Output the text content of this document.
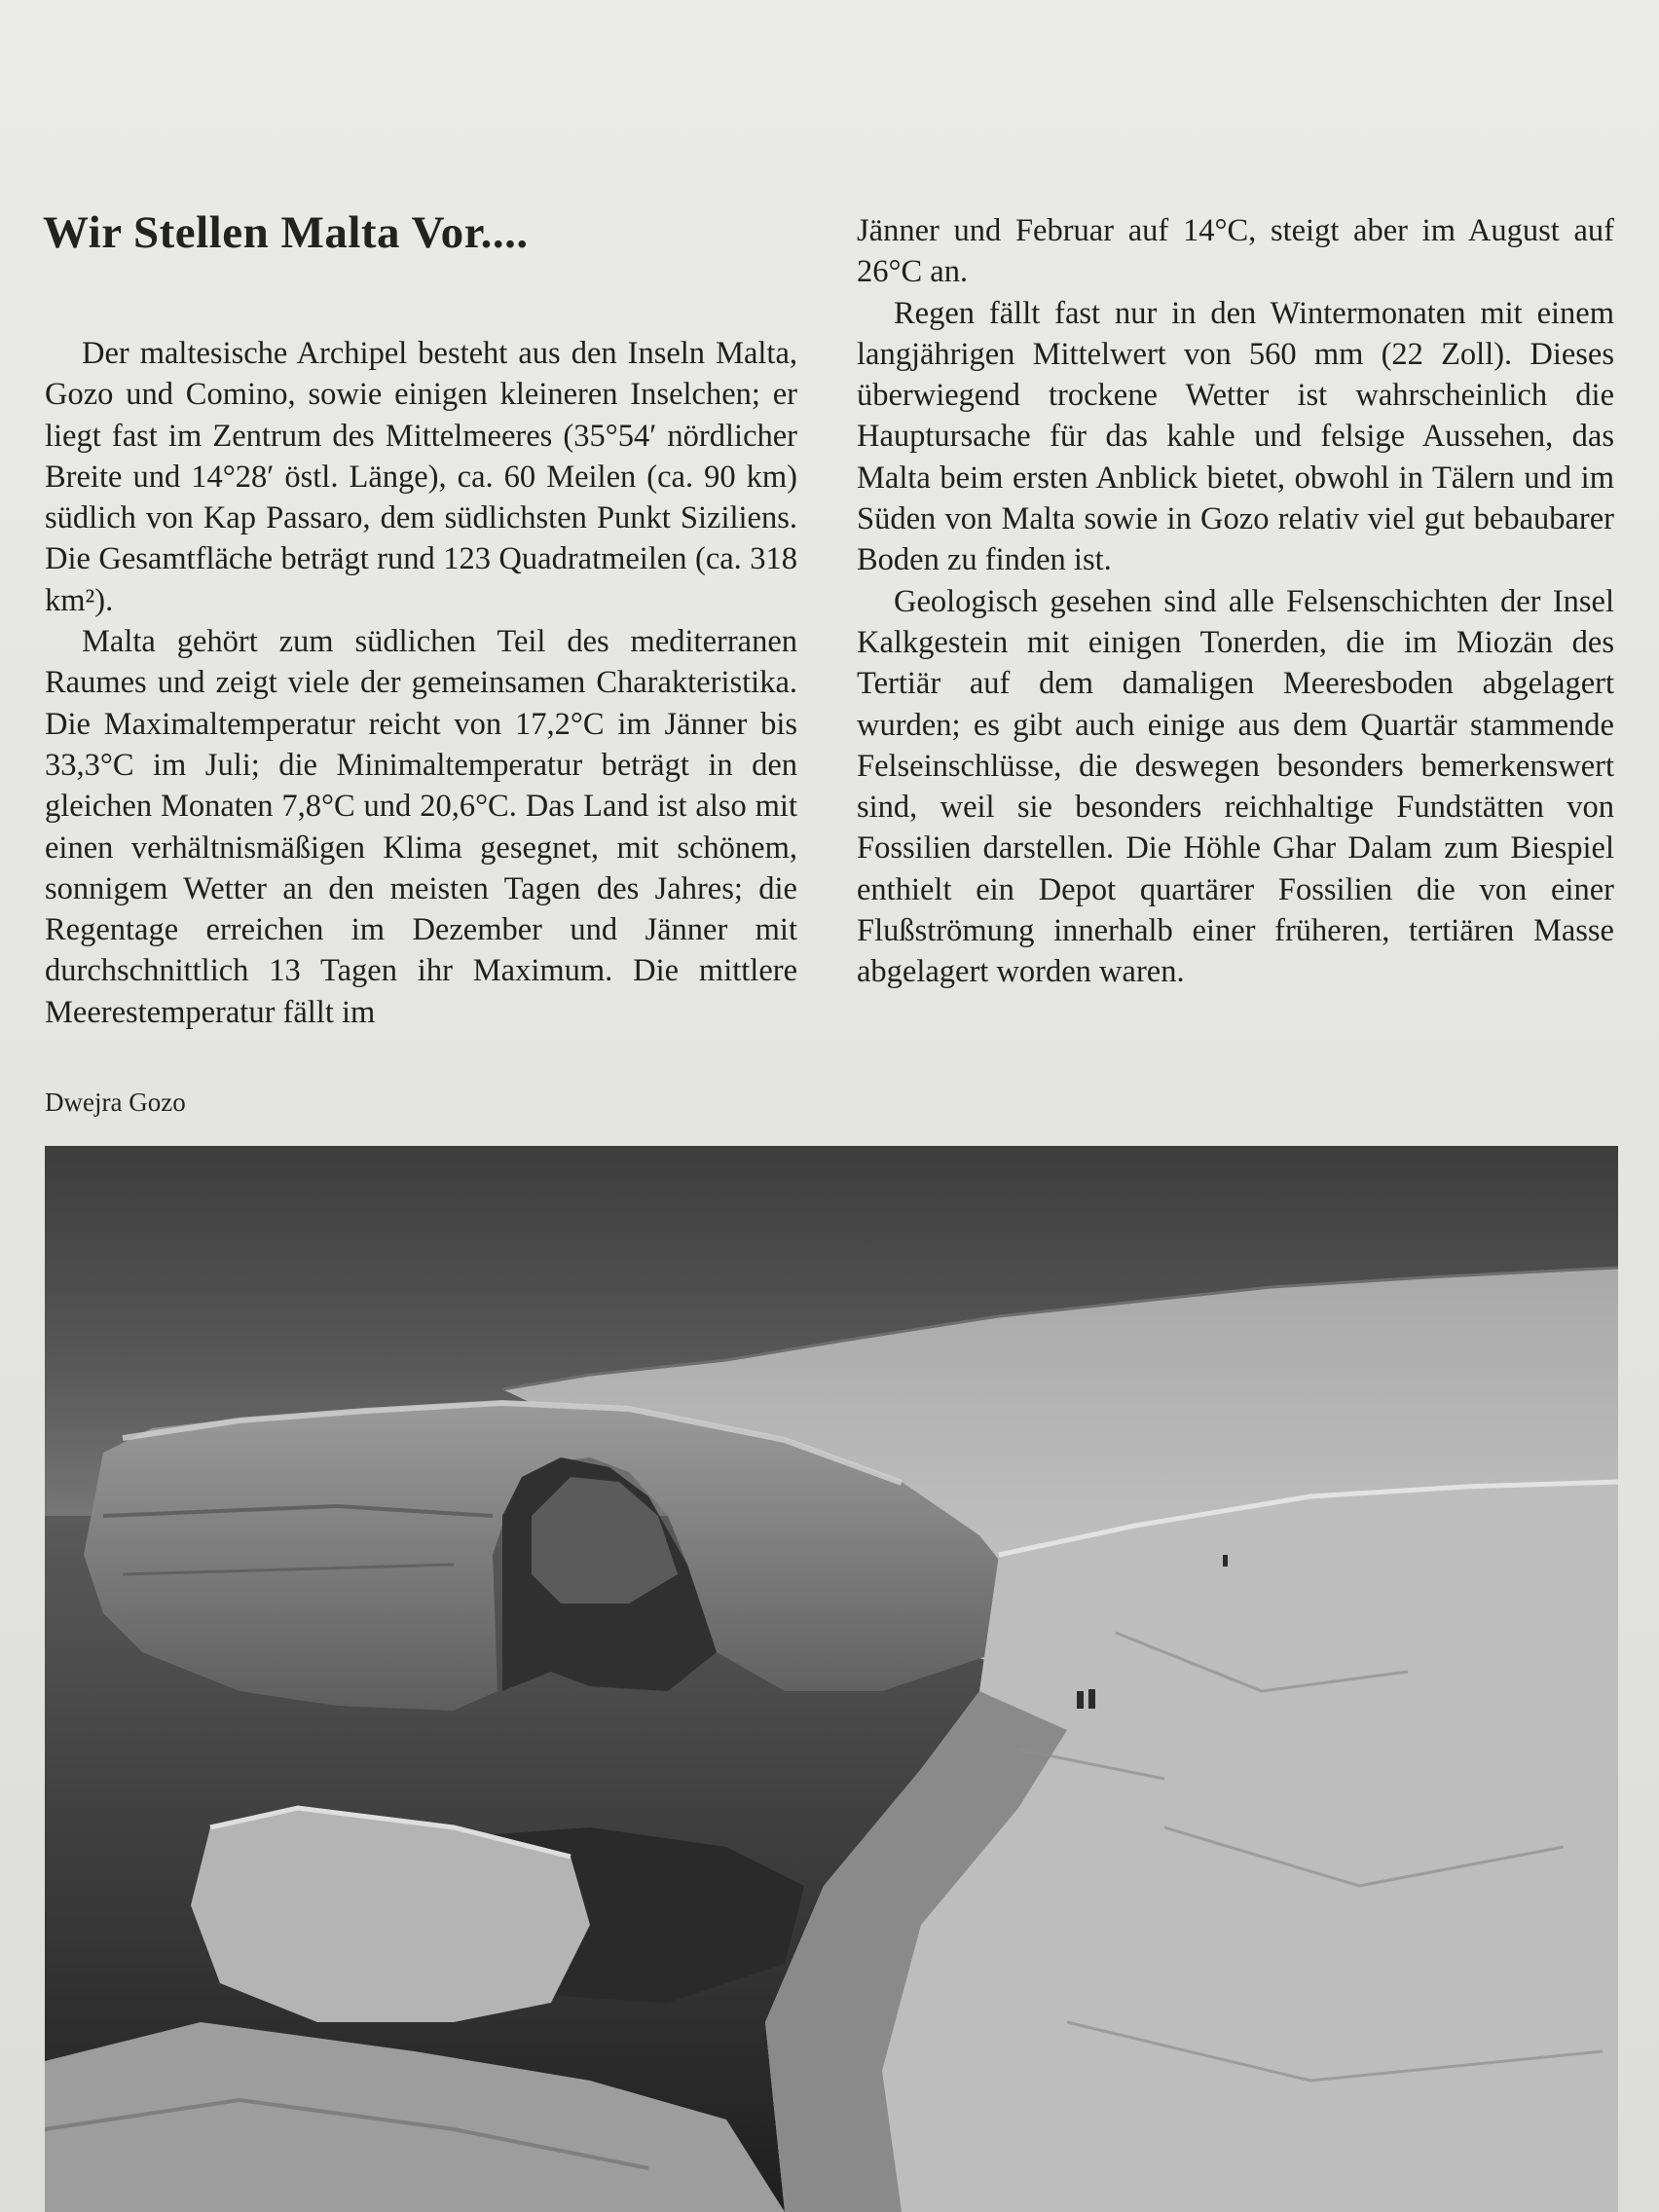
Wir Stellen Malta Vor....

Der maltesische Archipel besteht aus den Inseln Malta, Gozo und Comino, sowie einigen kleineren Inselchen; er liegt fast im Zentrum des Mittelmeeres (35°54′ nördlicher Breite und 14°28′ östl. Länge), ca. 60 Meilen (ca. 90 km) südlich von Kap Passaro, dem südlichsten Punkt Siziliens. Die Gesamtfläche beträgt rund 123 Quadratmeilen (ca. 318 km²).

Malta gehört zum südlichen Teil des mediterranen Raumes und zeigt viele der gemeinsamen Charakteristika. Die Maximaltemperatur reicht von 17,2°C im Jänner bis 33,3°C im Juli; die Minimaltemperatur beträgt in den gleichen Monaten 7,8°C und 20,6°C. Das Land ist also mit einen verhältnismäßigen Klima gesegnet, mit schönem, sonnigem Wetter an den meisten Tagen des Jahres; die Regentage erreichen im Dezember und Jänner mit durchschnittlich 13 Tagen ihr Maximum. Die mittlere Meerestemperatur fällt im

Jänner und Februar auf 14°C, steigt aber im August auf 26°C an.

Regen fällt fast nur in den Wintermonaten mit einem langjährigen Mittelwert von 560 mm (22 Zoll). Dieses überwiegend trockene Wetter ist wahrscheinlich die Hauptursache für das kahle und felsige Aussehen, das Malta beim ersten Anblick bietet, obwohl in Tälern und im Süden von Malta sowie in Gozo relativ viel gut bebaubarer Boden zu finden ist.

Geologisch gesehen sind alle Felsenschichten der Insel Kalkgestein mit einigen Tonerden, die im Miozän des Tertiär auf dem damaligen Meeresboden abgelagert wurden; es gibt auch einige aus dem Quartär stammende Felseinschlüsse, die deswegen besonders bemerkenswert sind, weil sie besonders reichhaltige Fundstätten von Fossilien darstellen. Die Höhle Ghar Dalam zum Biespiel enthielt ein Depot quartärer Fossilien die von einer Flußströmung innerhalb einer früheren, tertiären Masse abgelagert worden waren.

Dwejra Gozo
